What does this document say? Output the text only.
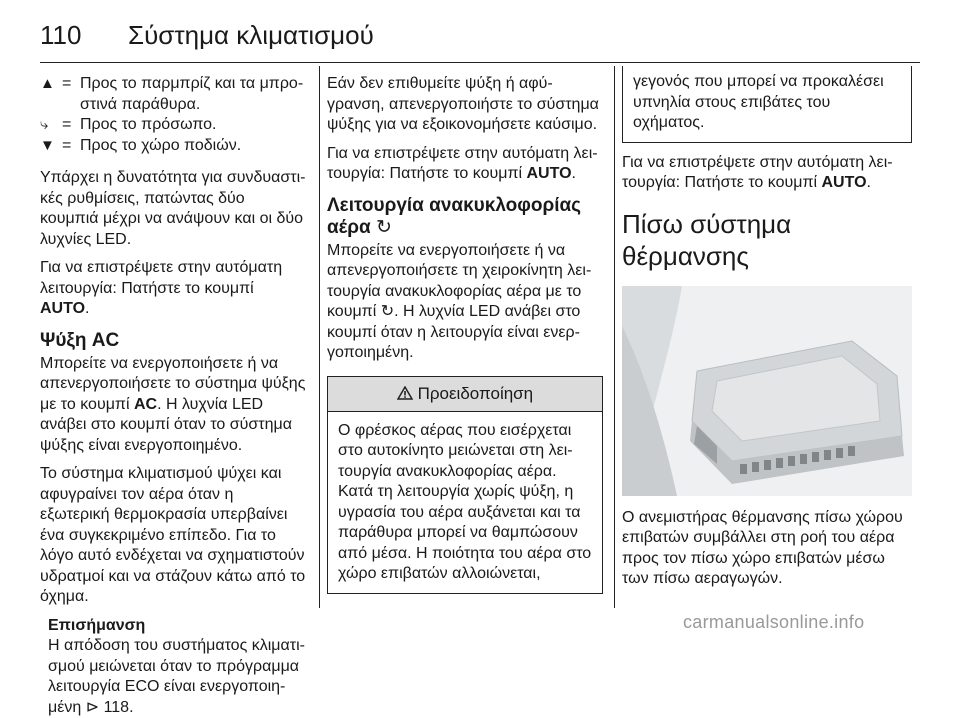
110 Σύστημα κλιματισμού
▲ = Προς το παρμπρίζ και τα μπροστινά παράθυρα.
⤷ = Προς το πρόσωπο.
▼ = Προς το χώρο ποδιών.

Υπάρχει η δυνατότητα για συνδυαστικές ρυθμίσεις, πατώντας δύο κουμπιά μέχρι να ανάψουν και οι δύο λυχνίες LED.

Για να επιστρέψετε στην αυτόματη λειτουργία: Πατήστε το κουμπί AUTO.

Ψύξη AC

Μπορείτε να ενεργοποιήσετε ή να απενεργοποιήσετε το σύστημα ψύξης με το κουμπί AC. Η λυχνία LED ανάβει στο κουμπί όταν το σύστημα ψύξης είναι ενεργοποιημένο.

Το σύστημα κλιματισμού ψύχει και αφυγραίνει τον αέρα όταν η εξωτερική θερμοκρασία υπερβαίνει ένα συγκεκριμένο επίπεδο. Για το λόγο αυτό ενδέχεται να σχηματιστούν υδρατμοί και να στάζουν κάτω από το όχημα.

Επισήμανση
Η απόδοση του συστήματος κλιματισμού μειώνεται όταν το πρόγραμμα λειτουργία ECO είναι ενεργοποιημένη ⊳ 118.

Εάν δεν επιθυμείτε ψύξη ή αφύγρανση, απενεργοποιήστε το σύστημα ψύξης για να εξοικονομήσετε καύσιμο.

Για να επιστρέψετε στην αυτόματη λειτουργία: Πατήστε το κουμπί AUTO.

Λειτουργία ανακυκλοφορίας αέρα ↻

Μπορείτε να ενεργοποιήσετε ή να απενεργοποιήσετε τη χειροκίνητη λειτουργία ανακυκλοφορίας αέρα με το κουμπί ↻. Η λυχνία LED ανάβει στο κουμπί όταν η λειτουργία είναι ενεργοποιημένη.

Προειδοποίηση
Ο φρέσκος αέρας που εισέρχεται στο αυτοκίνητο μειώνεται στη λειτουργία ανακυκλοφορίας αέρα. Κατά τη λειτουργία χωρίς ψύξη, η υγρασία του αέρα αυξάνεται και τα παράθυρα μπορεί να θαμπώσουν από μέσα. Η ποιότητα του αέρα στο χώρο επιβατών αλλοιώνεται,
γεγονός που μπορεί να προκαλέσει υπνηλία στους επιβάτες του οχήματος.

Για να επιστρέψετε στην αυτόματη λειτουργία: Πατήστε το κουμπί AUTO.

Πίσω σύστημα θέρμανσης

Ο ανεμιστήρας θέρμανσης πίσω χώρου επιβατών συμβάλλει στη ροή του αέρα προς τον πίσω χώρο επιβατών μέσω των πίσω αεραγωγών.

carmanualsonline.info
